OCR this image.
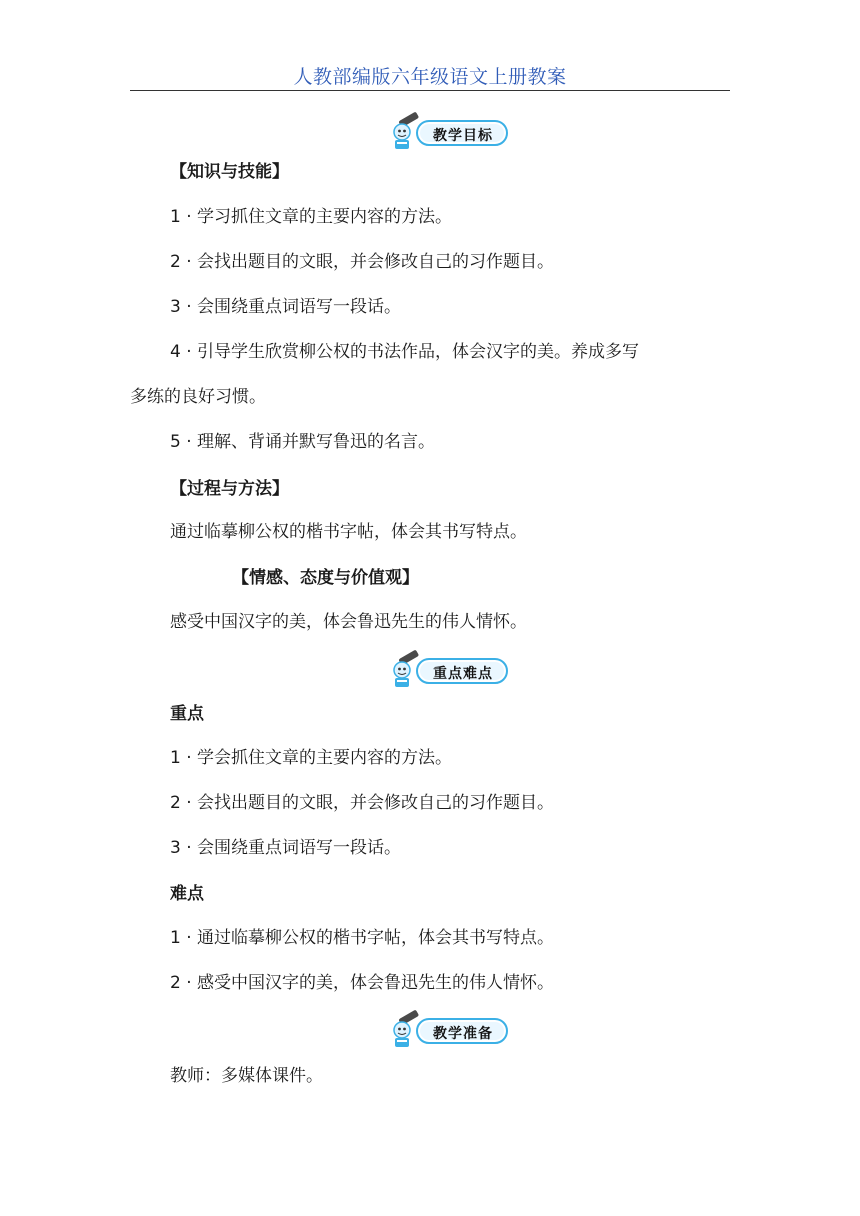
人教部编版六年级语文上册教案
教学目标
【知识与技能】
1 · 学习抓住文章的主要内容的方法。
2 · 会找出题目的文眼，并会修改自己的习作题目。
3 · 会围绕重点词语写一段话。
4 · 引导学生欣赏柳公权的书法作品，体会汉字的美。养成多写
多练的良好习惯。
5 · 理解、背诵并默写鲁迅的名言。
【过程与方法】
通过临摹柳公权的楷书字帖，体会其书写特点。
【情感、态度与价值观】
感受中国汉字的美，体会鲁迅先生的伟人情怀。
重点难点
重点
1 · 学会抓住文章的主要内容的方法。
2 · 会找出题目的文眼，并会修改自己的习作题目。
3 · 会围绕重点词语写一段话。
难点
1 · 通过临摹柳公权的楷书字帖，体会其书写特点。
2 · 感受中国汉字的美，体会鲁迅先生的伟人情怀。
教学准备
教师：多媒体课件。
